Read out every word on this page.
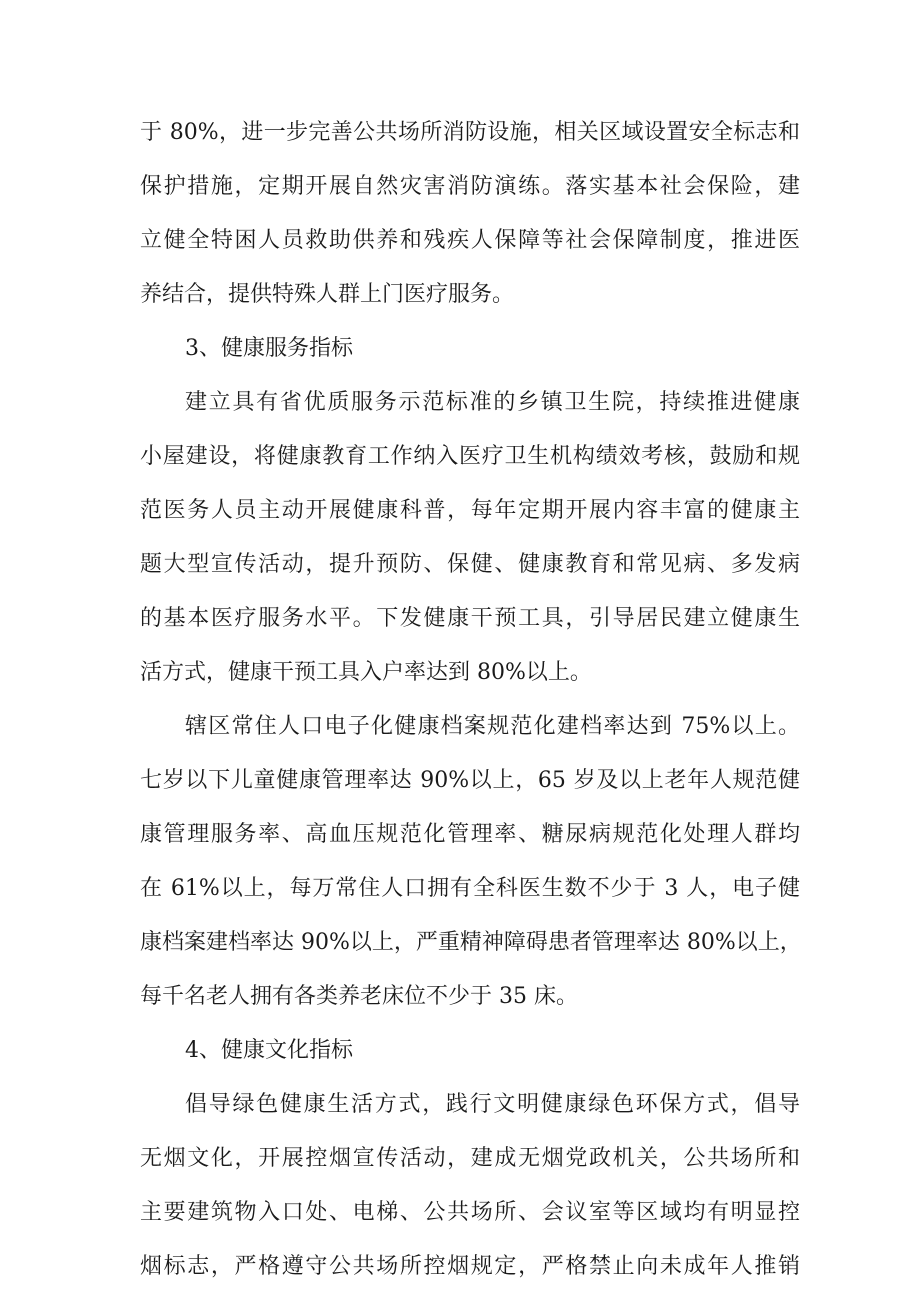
于 80%，进一步完善公共场所消防设施，相关区域设置安全标志和
保护措施，定期开展自然灾害消防演练。落实基本社会保险，建
立健全特困人员救助供养和残疾人保障等社会保障制度，推进医
养结合，提供特殊人群上门医疗服务。
3、健康服务指标
建立具有省优质服务示范标准的乡镇卫生院，持续推进健康
小屋建设，将健康教育工作纳入医疗卫生机构绩效考核，鼓励和规
范医务人员主动开展健康科普，每年定期开展内容丰富的健康主
题大型宣传活动，提升预防、保健、健康教育和常见病、多发病
的基本医疗服务水平。下发健康干预工具，引导居民建立健康生
活方式，健康干预工具入户率达到 80%以上。
辖区常住人口电子化健康档案规范化建档率达到 75%以上。
七岁以下儿童健康管理率达 90%以上，65 岁及以上老年人规范健
康管理服务率、高血压规范化管理率、糖尿病规范化处理人群均
在 61%以上，每万常住人口拥有全科医生数不少于 3 人，电子健
康档案建档率达 90%以上，严重精神障碍患者管理率达 80%以上，
每千名老人拥有各类养老床位不少于 35 床。
4、健康文化指标
倡导绿色健康生活方式，践行文明健康绿色环保方式，倡导
无烟文化，开展控烟宣传活动，建成无烟党政机关，公共场所和
主要建筑物入口处、电梯、公共场所、会议室等区域均有明显控
烟标志，严格遵守公共场所控烟规定，严格禁止向未成年人推销
